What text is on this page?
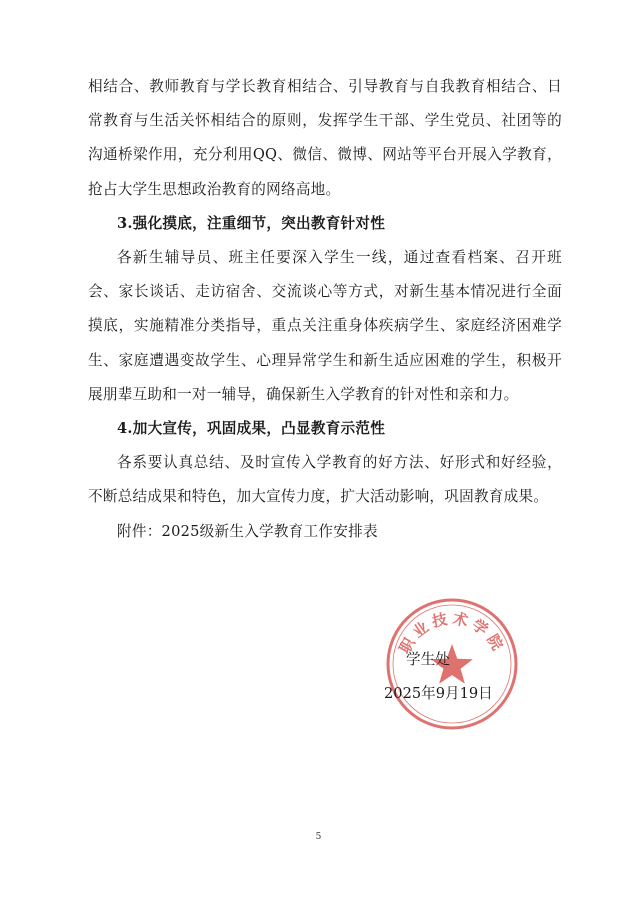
相结合、教师教育与学长教育相结合、引导教育与自我教育相结合、日常教育与生活关怀相结合的原则，发挥学生干部、学生党员、社团等的沟通桥梁作用，充分利用QQ、微信、微博、网站等平台开展入学教育，抢占大学生思想政治教育的网络高地。

3.强化摸底，注重细节，突出教育针对性

各新生辅导员、班主任要深入学生一线，通过查看档案、召开班会、家长谈话、走访宿舍、交流谈心等方式，对新生基本情况进行全面摸底，实施精准分类指导，重点关注重身体疾病学生、家庭经济困难学生、家庭遭遇变故学生、心理异常学生和新生适应困难的学生，积极开展朋辈互助和一对一辅导，确保新生入学教育的针对性和亲和力。

4.加大宣传，巩固成果，凸显教育示范性

各系要认真总结、及时宣传入学教育的好方法、好形式和好经验，不断总结成果和特色，加大宣传力度，扩大活动影响，巩固教育成果。

附件：2025级新生入学教育工作安排表

职业技术学院
学生处
2025年9月19日
5
